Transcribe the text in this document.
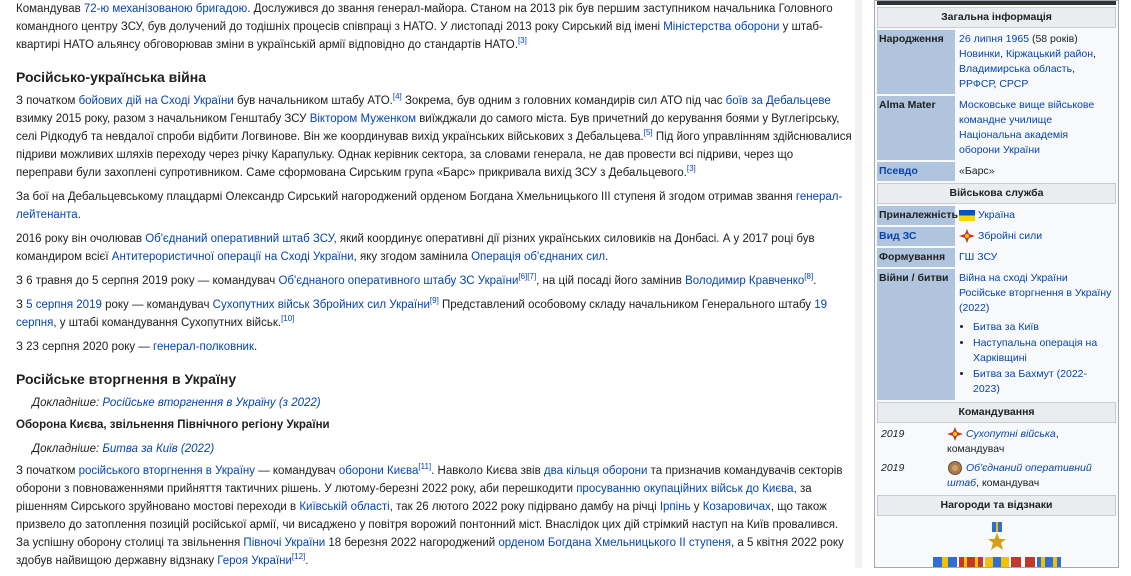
Командував 72-ю механізованою бригадою. Дослужився до звання генерал-майора. Станом на 2013 рік був першим заступником начальника Головного командного центру ЗСУ, був долучений до тодішніх процесів співпраці з НАТО. У листопаді 2013 року Сирський від імені Міністерства оборони у штаб-квартирі НАТО альянсу обговорював зміни в українській армії відповідно до стандартів НАТО.[3]

Російсько-українська війна

З початком бойових дій на Сході України був начальником штабу АТО.[4] Зокрема, був одним з головних командирів сил АТО під час боїв за Дебальцеве взимку 2015 року, разом з начальником Генштабу ЗСУ Віктором Муженком виїжджали до самого міста. Був причетний до керування боями у Вуглегірську, селі Рідкодуб та невдалої спроби відбити Логвинове. Він же координував вихід українських військових з Дебальцева.[5] Під його управлінням здійснювалися підриви можливих шляхів переходу через річку Карапульку. Однак керівник сектора, за словами генерала, не дав провести всі підриви, через що переправи були захоплені супротивником. Саме сформована Сирським група «Барс» прикривала вихід ЗСУ з Дебальцевого.[3]

За бої на Дебальцевському плацдармі Олександр Сирський нагороджений орденом Богдана Хмельницького III ступеня й згодом отримав звання генерал-лейтенанта.

2016 року він очолював Об'єднаний оперативний штаб ЗСУ, який координує оперативні дії різних українських силовиків на Донбасі. А у 2017 році був командиром всієї Антитерористичної операції на Сході України, яку згодом замінила Операція об'єднаних сил.

З 6 травня до 5 серпня 2019 року — командувач Об'єднаного оперативного штабу ЗС України[6][7], на цій посаді його замінив Володимир Кравченко[8].

З 5 серпня 2019 року — командувач Сухопутних військ Збройних сил України[9] Представлений особовому складу начальником Генерального штабу 19 серпня, у штабі командування Сухопутних військ.[10]

З 23 серпня 2020 року — генерал-полковник.

Російське вторгнення в Україну
Докладніше: Російське вторгнення в Україну (з 2022)
Оборона Києва, звільнення Північного регіону України
Докладніше: Битва за Київ (2022)

З початком російського вторгнення в Україну — командувач оборони Києва[11]. Навколо Києва звів два кільця оборони та призначив командувачів секторів оборони з повноваженнями прийняття тактичних рішень. У лютому-березні 2022 року, аби перешкодити просуванню окупаційних військ до Києва, за рішенням Сирського зруйновано мостові переходи в Київській області, так 26 лютого 2022 року підірвано дамбу на річці Ірпінь у Козаровичах, що також призвело до затоплення позицій російської армії, чи висаджено у повітря ворожий понтонний міст. Внаслідок цих дій стрімкий наступ на Київ провалився. За успішну оборону столиці та звільнення Півночі України 18 березня 2022 нагороджений орденом Богдана Хмельницького II ступеня, а 5 квітня 2022 року здобув найвищою державну відзнаку Героя України[12].

Загальна інформація
Народження	26 липня 1965 (58 років)
Новинки, Кіржацький район, Владимирська область, РРФСР, СРСР
Alma Mater	Московське вище військове командне училище
Національна академія оборони України
Псевдо	«Барс»
Військова служба
Приналежність	Україна
Вид ЗС	Збройні сили
Формування	ГШ ЗСУ
Війни / битви	Війна на сході України Російське вторгнення в Україну (2022)
• Битва за Київ
• Наступальна операція на Харківщині
• Битва за Бахмут (2022-2023)
Командування
2019	Сухопутні війська,
командувач
2019	Об'єднаний оперативний штаб, командувач
Нагороди та відзнаки
